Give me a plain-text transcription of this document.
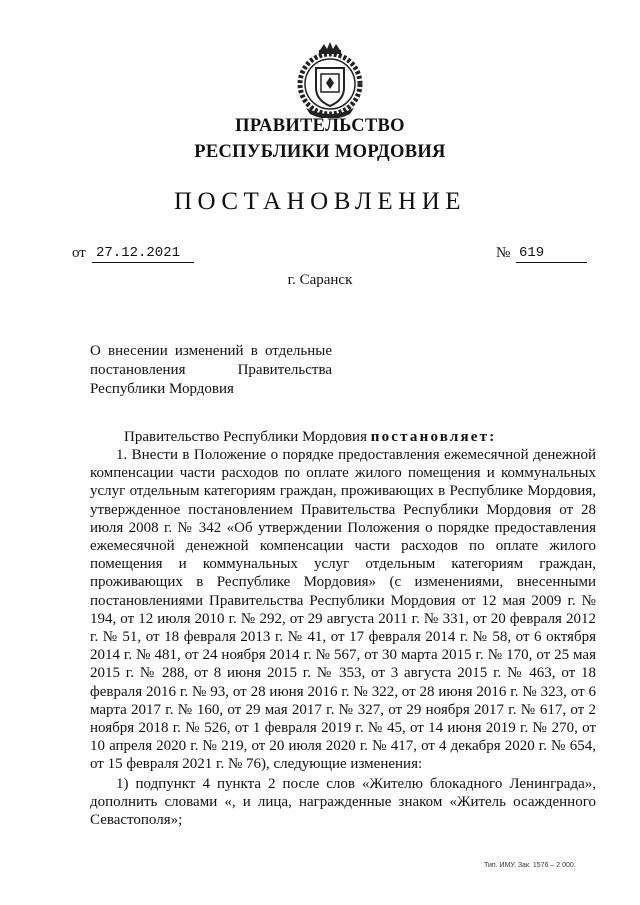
ПРАВИТЕЛЬСТВО
РЕСПУБЛИКИ МОРДОВИЯ
ПОСТАНОВЛЕНИЕ
от 27.12.2021	№ 619
г. Саранск
О внесении изменений в отдельные
постановления Правительства
Республики Мордовия
Правительство Республики Мордовия постановляет:
1. Внести в Положение о порядке предоставления ежемесячной денежной компенсации части расходов по оплате жилого помещения и коммунальных услуг отдельным категориям граждан, проживающих в Республике Мордовия, утвержденное постановлением Правительства Республики Мордовия от 28 июля 2008 г. № 342 «Об утверждении Положения о порядке предоставления ежемесячной денежной компенсации части расходов по оплате жилого помещения и коммунальных услуг отдельным категориям граждан, проживающих в Республике Мордовия» (с изменениями, внесенными постановлениями Правительства Республики Мордовия от 12 мая 2009 г. № 194, от 12 июля 2010 г. № 292, от 29 августа 2011 г. № 331, от 20 февраля 2012 г. № 51, от 18 февраля 2013 г. № 41, от 17 февраля 2014 г. № 58, от 6 октября 2014 г. № 481, от 24 ноября 2014 г. № 567, от 30 марта 2015 г. № 170, от 25 мая 2015 г. № 288, от 8 июня 2015 г. № 353, от 3 августа 2015 г. № 463, от 18 февраля 2016 г. № 93, от 28 июня 2016 г. № 322, от 28 июня 2016 г. № 323, от 6 марта 2017 г. № 160, от 29 мая 2017 г. № 327, от 29 ноября 2017 г. № 617, от 2 ноября 2018 г. № 526, от 1 февраля 2019 г. № 45, от 14 июня 2019 г. № 270, от 10 апреля 2020 г. № 219, от 20 июля 2020 г. № 417, от 4 декабря 2020 г. № 654, от 15 февраля 2021 г. № 76), следующие изменения:
1) подпункт 4 пункта 2 после слов «Жителю блокадного Ленинграда», дополнить словами «, и лица, награжденные знаком «Житель осажденного Севастополя»;
Тип. ИМУ. Зак. 1576 – 2 000.
